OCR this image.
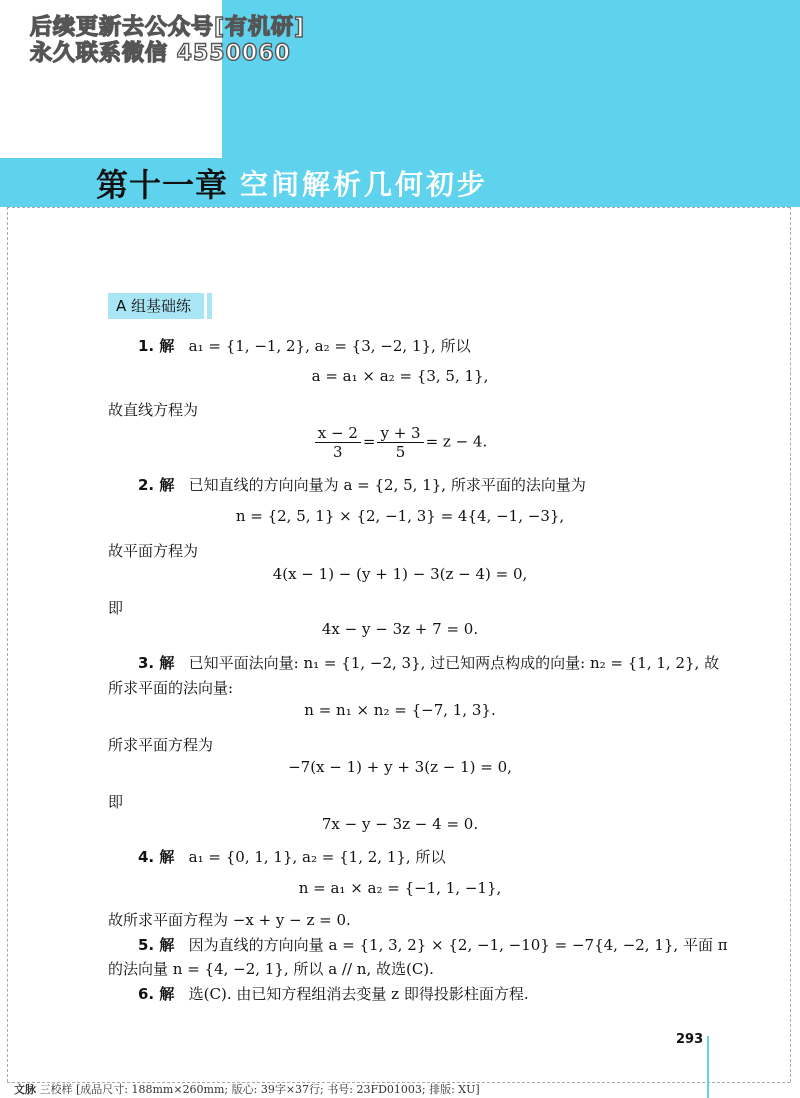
后续更新去公众号[有机研]
永久联系微信 4550060
第十一章 空间解析几何初步
A 组基础练
1. 解 a₁ = {1, −1, 2}, a₂ = {3, −2, 1}, 所以
a = a₁ × a₂ = {3, 5, 1},
故直线方程为
$\frac{x - 2}{3} = \frac{y + 3}{5} = z - 4$.
2. 解 已知直线的方向向量为 a = {2, 5, 1}, 所求平面的法向量为
n = {2, 5, 1} × {2, −1, 3} = 4{4, −1, −3},
故平面方程为
4(x − 1) − (y + 1) − 3(z − 4) = 0,
即
4x − y − 3z + 7 = 0.
3. 解 已知平面法向量: n₁ = {1, −2, 3}, 过已知两点构成的向量: n₂ = {1, 1, 2}, 故
所求平面的法向量:
n = n₁ × n₂ = {−7, 1, 3}.
所求平面方程为
−7(x − 1) + y + 3(z − 1) = 0,
即
7x − y − 3z − 4 = 0.
4. 解 a₁ = {0, 1, 1}, a₂ = {1, 2, 1}, 所以
n = a₁ × a₂ = {−1, 1, −1},
故所求平面方程为 −x + y − z = 0.
5. 解 因为直线的方向向量 a = {1, 3, 2} × {2, −1, −10} = −7{4, −2, 1}, 平面 π
的法向量 n = {4, −2, 1}, 所以 a // n, 故选(C).
6. 解 选(C). 由已知方程组消去变量 z 即得投影柱面方程.
293
文脉 三校样 [成品尺寸: 188mm×260mm; 版心: 39字×37行; 书号: 23FD01003; 排版: XU]
